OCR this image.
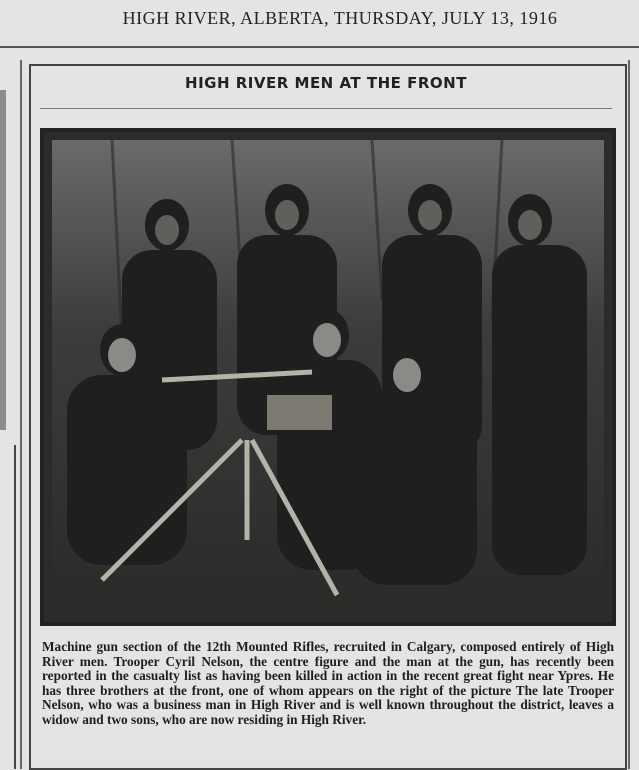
HIGH RIVER, ALBERTA, THURSDAY, JULY 13, 1916
HIGH RIVER MEN AT THE FRONT
Machine gun section of the 12th Mounted Rifles, recruited in Calgary, composed entirely of High River men. Trooper Cyril Nelson, the centre figure and the man at the gun, has recently been reported in the casualty list as having been killed in action in the recent great fight near Ypres. He has three brothers at the front, one of whom appears on the right of the picture The late Trooper Nelson, who was a business man in High River and is well known throughout the district, leaves a widow and two sons, who are now residing in High River.
